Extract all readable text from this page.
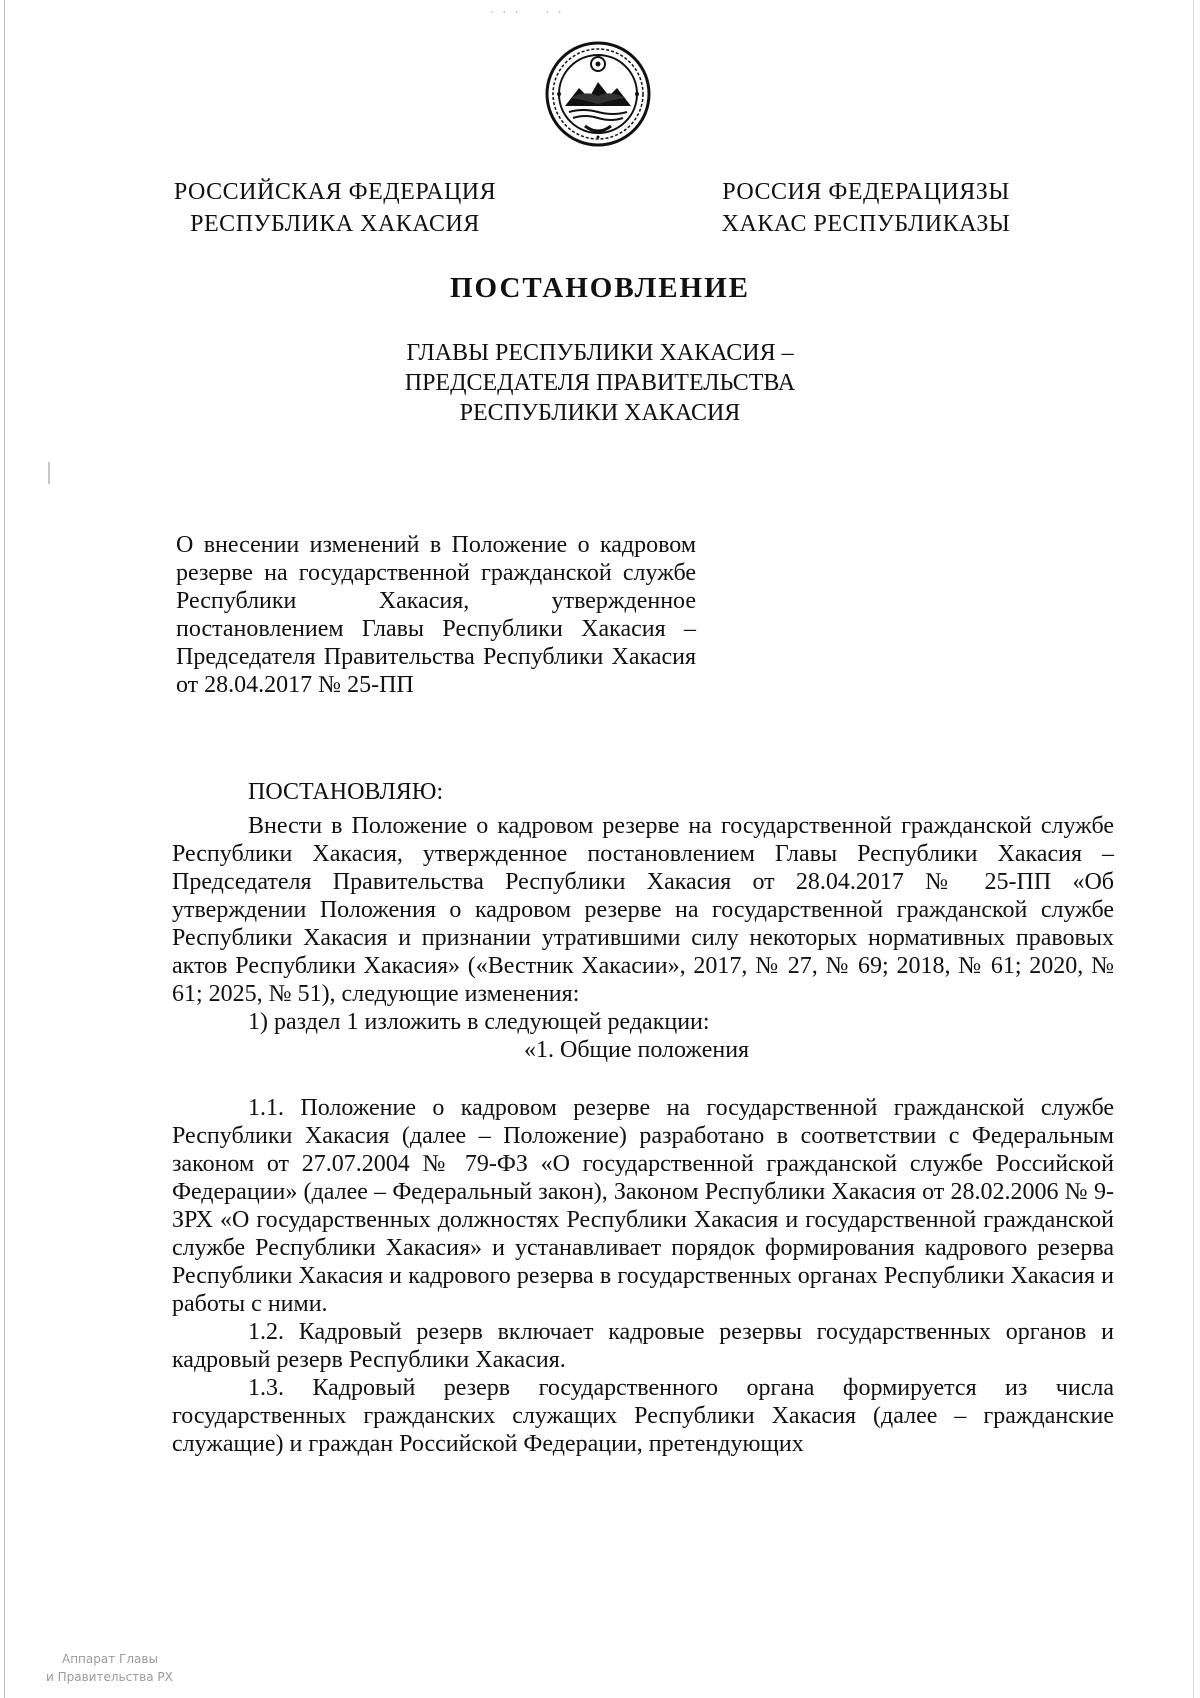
· · ·    · ·
РОССИЙСКАЯ ФЕДЕРАЦИЯ
РЕСПУБЛИКА ХАКАСИЯ
РОССИЯ ФЕДЕРАЦИЯЗЫ
ХАКАС РЕСПУБЛИКАЗЫ
ПОСТАНОВЛЕНИЕ
ГЛАВЫ РЕСПУБЛИКИ ХАКАСИЯ –
ПРЕДСЕДАТЕЛЯ ПРАВИТЕЛЬСТВА
РЕСПУБЛИКИ ХАКАСИЯ
О внесении изменений в Положение о кадровом резерве на государственной гражданской службе Республики Хакасия, утвержденное постановлением Главы Республики Хакасия – Председателя Правительства Республики Хакасия
от 28.04.2017 № 25-ПП
ПОСТАНОВЛЯЮ:

Внести в Положение о кадровом резерве на государственной гражданской службе Республики Хакасия, утвержденное постановлением Главы Республики Хакасия – Председателя Правительства Республики Хакасия от 28.04.2017 № 25-ПП «Об утверждении Положения о кадровом резерве на государственной гражданской службе Республики Хакасия и признании утратившими силу некоторых нормативных правовых актов Республики Хакасия» («Вестник Хакасии», 2017, № 27, № 69; 2018, № 61; 2020, № 61; 2025, № 51), следующие изменения:

1) раздел 1 изложить в следующей редакции:

«1. Общие положения

1.1. Положение о кадровом резерве на государственной гражданской службе Республики Хакасия (далее – Положение) разработано в соответствии с Федеральным законом от 27.07.2004 № 79-ФЗ «О государственной гражданской службе Российской Федерации» (далее – Федеральный закон), Законом Республики Хакасия от 28.02.2006 № 9-ЗРХ «О государственных должностях Республики Хакасия и государственной гражданской службе Республики Хакасия» и устанавливает порядок формирования кадрового резерва Республики Хакасия и кадрового резерва в государственных органах Республики Хакасия и работы с ними.

1.2. Кадровый резерв включает кадровые резервы государственных органов и кадровый резерв Республики Хакасия.

1.3. Кадровый резерв государственного органа формируется из числа государственных гражданских служащих Республики Хакасия (далее – гражданские служащие) и граждан Российской Федерации, претендующих

Аппарат Главы
и Правительства РХ
